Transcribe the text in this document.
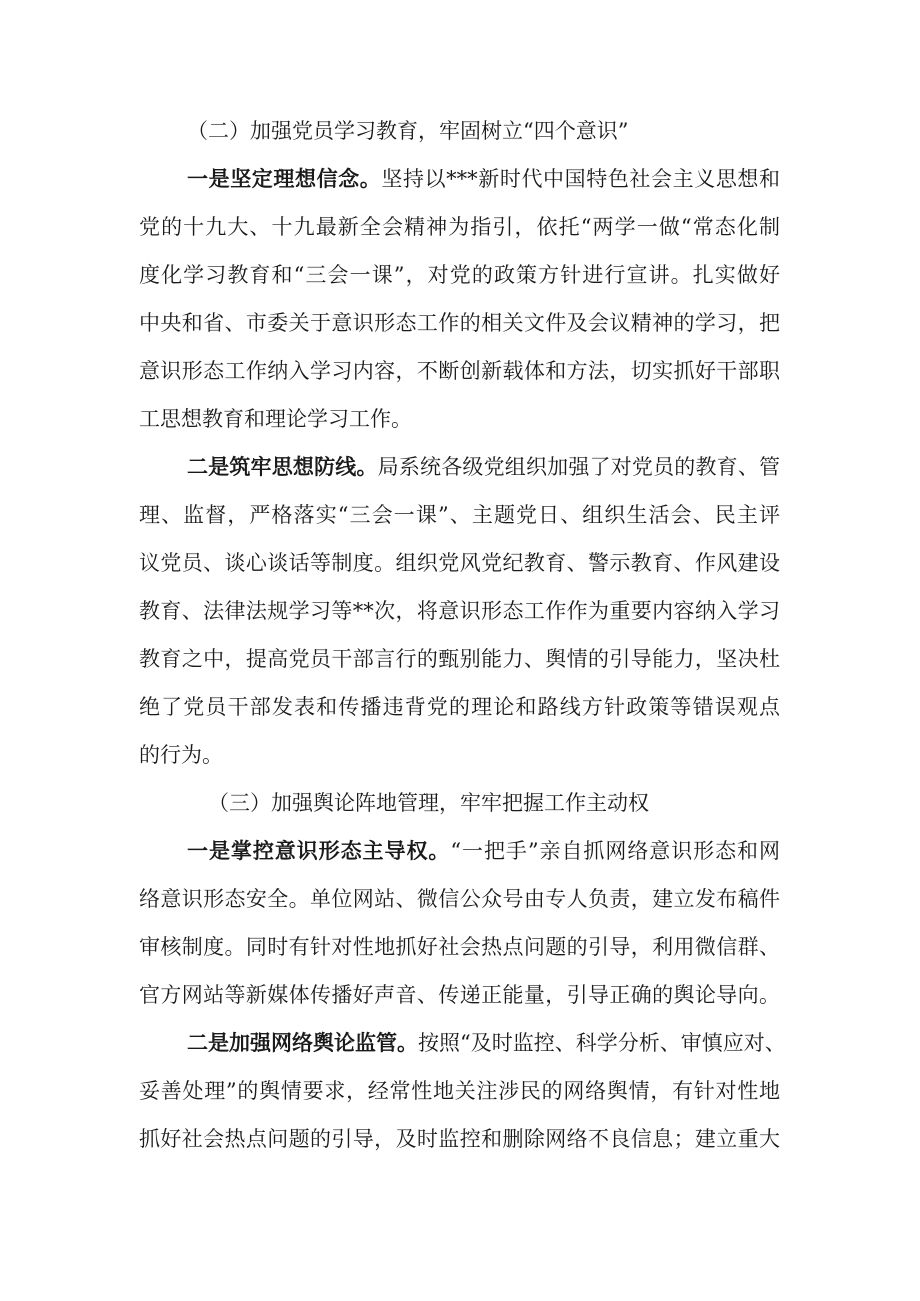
（二）加强党员学习教育，牢固树立“四个意识”
一是坚定理想信念。坚持以***新时代中国特色社会主义思想和
党的十九大、十九最新全会精神为指引，依托“两学一做“常态化制
度化学习教育和“三会一课”，对党的政策方针进行宣讲。扎实做好
中央和省、市委关于意识形态工作的相关文件及会议精神的学习，把
意识形态工作纳入学习内容，不断创新载体和方法，切实抓好干部职
工思想教育和理论学习工作。
二是筑牢思想防线。局系统各级党组织加强了对党员的教育、管
理、监督，严格落实“三会一课”、主题党日、组织生活会、民主评
议党员、谈心谈话等制度。组织党风党纪教育、警示教育、作风建设
教育、法律法规学习等**次，将意识形态工作作为重要内容纳入学习
教育之中，提高党员干部言行的甄别能力、舆情的引导能力，坚决杜
绝了党员干部发表和传播违背党的理论和路线方针政策等错误观点
的行为。
（三）加强舆论阵地管理，牢牢把握工作主动权
一是掌控意识形态主导权。“一把手”亲自抓网络意识形态和网
络意识形态安全。单位网站、微信公众号由专人负责，建立发布稿件
审核制度。同时有针对性地抓好社会热点问题的引导，利用微信群、
官方网站等新媒体传播好声音、传递正能量，引导正确的舆论导向。
二是加强网络舆论监管。按照“及时监控、科学分析、审慎应对、
妥善处理”的舆情要求，经常性地关注涉民的网络舆情，有针对性地
抓好社会热点问题的引导，及时监控和删除网络不良信息；建立重大
